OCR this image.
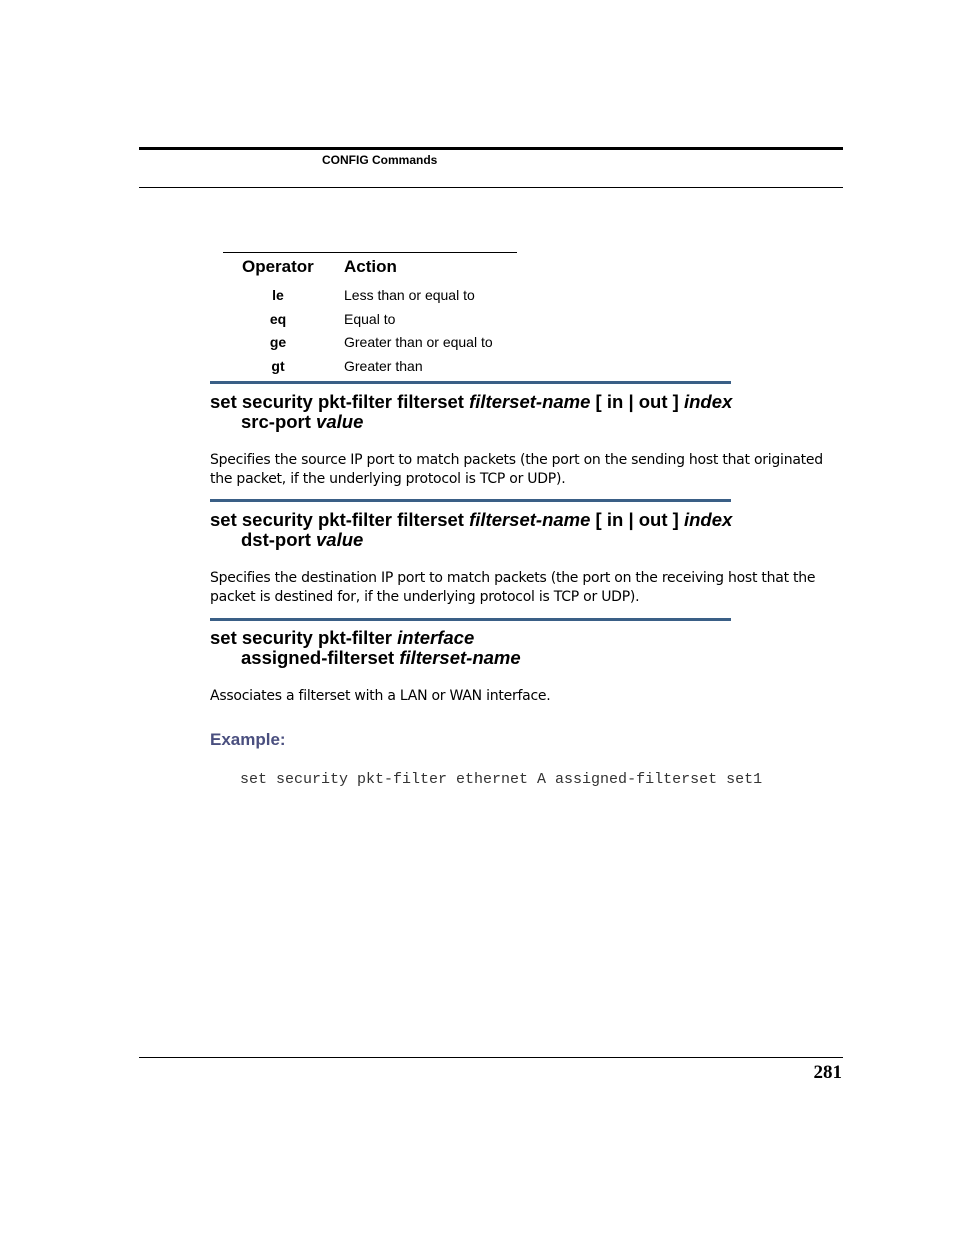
CONFIG Commands
Operator Action
le	Less than or equal to
eq	Equal to
ge	Greater than or equal to
gt	Greater than
set security pkt-filter filterset filterset-name [ in | out ] index
src-port value
Specifies the source IP port to match packets (the port on the sending host that originated the packet, if the underlying protocol is TCP or UDP).
set security pkt-filter filterset filterset-name [ in | out ] index
dst-port value
Specifies the destination IP port to match packets (the port on the receiving host that the packet is destined for, if the underlying protocol is TCP or UDP).
set security pkt-filter interface
assigned-filterset filterset-name
Associates a filterset with a LAN or WAN interface.
Example:
set security pkt-filter ethernet A assigned-filterset set1
281
